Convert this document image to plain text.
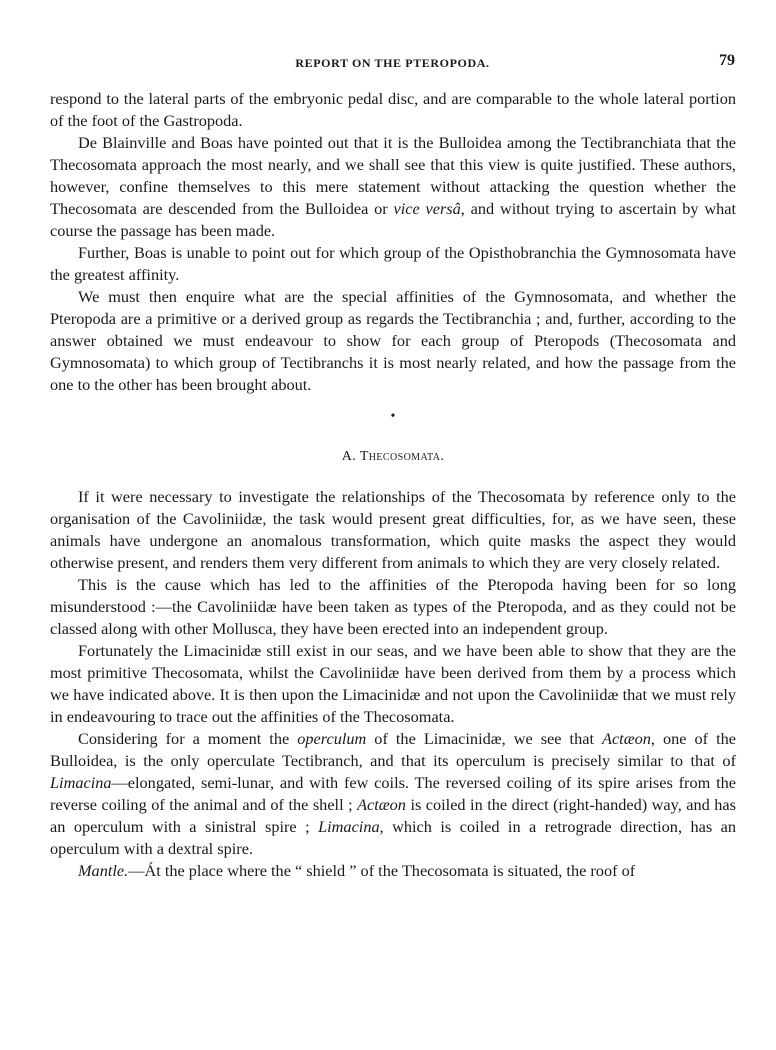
REPORT ON THE PTEROPODA.	79

respond to the lateral parts of the embryonic pedal disc, and are comparable to the whole lateral portion of the foot of the Gastropoda.

De Blainville and Boas have pointed out that it is the Bulloidea among the Tectibranchiata that the Thecosomata approach the most nearly, and we shall see that this view is quite justified. These authors, however, confine themselves to this mere statement without attacking the question whether the Thecosomata are descended from the Bulloidea or vice versâ, and without trying to ascertain by what course the passage has been made.

Further, Boas is unable to point out for which group of the Opisthobranchia the Gymnosomata have the greatest affinity.

We must then enquire what are the special affinities of the Gymnosomata, and whether the Pteropoda are a primitive or a derived group as regards the Tectibranchia ; and, further, according to the answer obtained we must endeavour to show for each group of Pteropods (Thecosomata and Gymnosomata) to which group of Tectibranchs it is most nearly related, and how the passage from the one to the other has been brought about.

•

A. Thecosomata.

If it were necessary to investigate the relationships of the Thecosomata by reference only to the organisation of the Cavoliniidæ, the task would present great difficulties, for, as we have seen, these animals have undergone an anomalous transformation, which quite masks the aspect they would otherwise present, and renders them very different from animals to which they are very closely related.

This is the cause which has led to the affinities of the Pteropoda having been for so long misunderstood :—the Cavoliniidæ have been taken as types of the Pteropoda, and as they could not be classed along with other Mollusca, they have been erected into an independent group.

Fortunately the Limacinidæ still exist in our seas, and we have been able to show that they are the most primitive Thecosomata, whilst the Cavoliniidæ have been derived from them by a process which we have indicated above. It is then upon the Limacinidæ and not upon the Cavoliniidæ that we must rely in endeavouring to trace out the affinities of the Thecosomata.

Considering for a moment the operculum of the Limacinidæ, we see that Actæon, one of the Bulloidea, is the only operculate Tectibranch, and that its operculum is precisely similar to that of Limacina—elongated, semi-lunar, and with few coils. The reversed coiling of its spire arises from the reverse coiling of the animal and of the shell ; Actæon is coiled in the direct (right-handed) way, and has an operculum with a sinistral spire ; Limacina, which is coiled in a retrograde direction, has an operculum with a dextral spire.

Mantle.—Át the place where the “ shield ” of the Thecosomata is situated, the roof of
